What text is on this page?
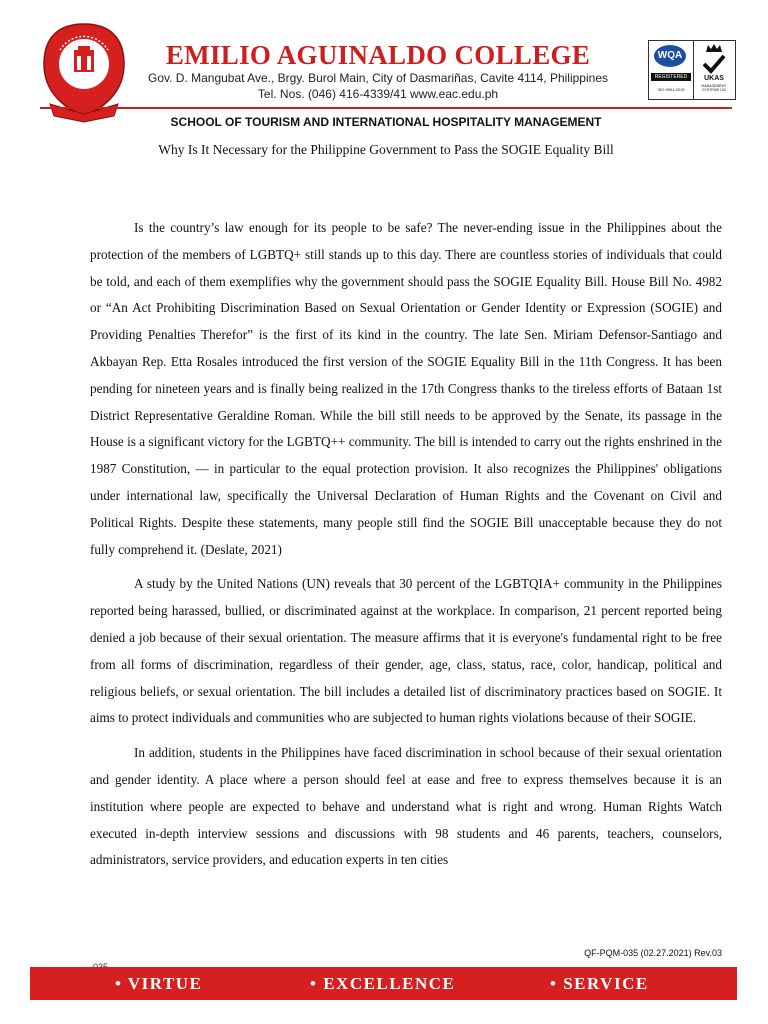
EMILIO AGUINALDO COLLEGE
Gov. D. Mangubat Ave., Brgy. Burol Main, City of Dasmariñas, Cavite 4114, Philippines
Tel. Nos. (046) 416-4339/41 www.eac.edu.ph
WQA
REGISTERED
ISO 9001:2015
UKAS
MANAGEMENT SYSTEMS 134
SCHOOL OF TOURISM AND INTERNATIONAL HOSPITALITY MANAGEMENT
Why Is It Necessary for the Philippine Government to Pass the SOGIE Equality Bill

Is the country’s law enough for its people to be safe? The never-ending issue in the Philippines about the protection of the members of LGBTQ+ still stands up to this day. There are countless stories of individuals that could be told, and each of them exemplifies why the government should pass the SOGIE Equality Bill. House Bill No. 4982 or “An Act Prohibiting Discrimination Based on Sexual Orientation or Gender Identity or Expression (SOGIE) and Providing Penalties Therefor” is the first of its kind in the country. The late Sen. Miriam Defensor-Santiago and Akbayan Rep. Etta Rosales introduced the first version of the SOGIE Equality Bill in the 11th Congress. It has been pending for nineteen years and is finally being realized in the 17th Congress thanks to the tireless efforts of Bataan 1st District Representative Geraldine Roman. While the bill still needs to be approved by the Senate, its passage in the House is a significant victory for the LGBTQ++ community. The bill is intended to carry out the rights enshrined in the 1987 Constitution, — in particular to the equal protection provision. It also recognizes the Philippines' obligations under international law, specifically the Universal Declaration of Human Rights and the Covenant on Civil and Political Rights. Despite these statements, many people still find the SOGIE Bill unacceptable because they do not fully comprehend it. (Deslate, 2021)

A study by the United Nations (UN) reveals that 30 percent of the LGBTQIA+ community in the Philippines reported being harassed, bullied, or discriminated against at the workplace. In comparison, 21 percent reported being denied a job because of their sexual orientation. The measure affirms that it is everyone's fundamental right to be free from all forms of discrimination, regardless of their gender, age, class, status, race, color, handicap, political and religious beliefs, or sexual orientation. The bill includes a detailed list of discriminatory practices based on SOGIE. It aims to protect individuals and communities who are subjected to human rights violations because of their SOGIE.

In addition, students in the Philippines have faced discrimination in school because of their sexual orientation and gender identity. A place where a person should feel at ease and free to express themselves because it is an institution where people are expected to behave and understand what is right and wrong. Human Rights Watch executed in-depth interview sessions and discussions with 98 students and 46 parents, teachers, counselors, administrators, service providers, and education experts in ten cities

QF-PQM-035 (02.27.2021) Rev.03
• VIRTUE	• EXCELLENCE	• SERVICE
